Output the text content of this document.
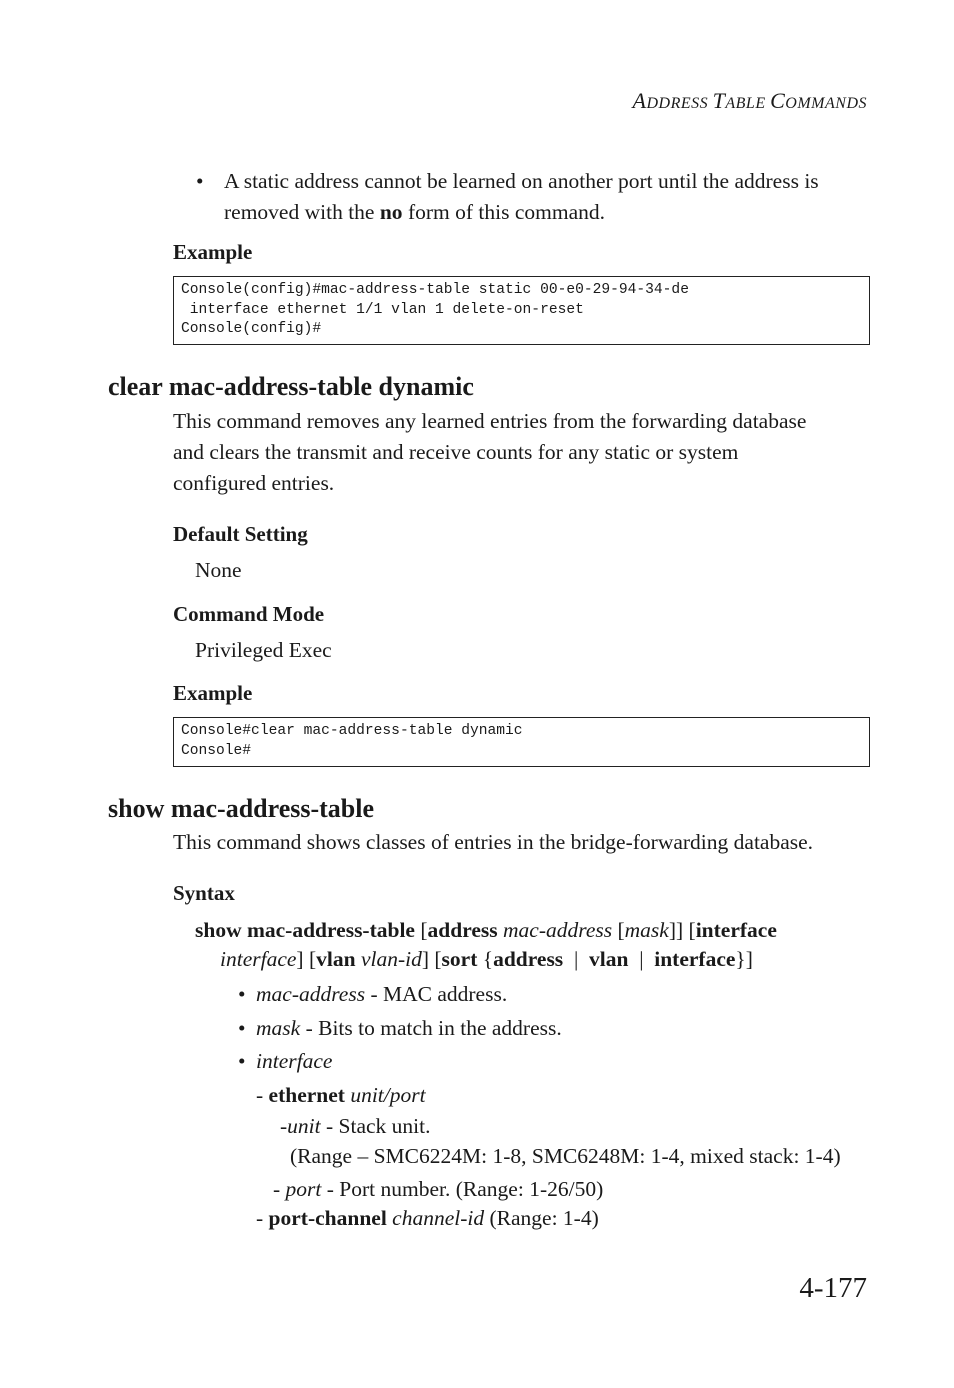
ADDRESS TABLE COMMANDS
• A static address cannot be learned on another port until the address is
removed with the no form of this command.
Example
Console(config)#mac-address-table static 00-e0-29-94-34-de
interface ethernet 1/1 vlan 1 delete-on-reset
Console(config)#
clear mac-address-table dynamic
This command removes any learned entries from the forwarding database
and clears the transmit and receive counts for any static or system
configured entries.
Default Setting
None
Command Mode
Privileged Exec
Example
Console#clear mac-address-table dynamic
Console#
show mac-address-table
This command shows classes of entries in the bridge-forwarding database.
Syntax
show mac-address-table [address mac-address [mask]] [interface
interface] [vlan vlan-id] [sort {address | vlan | interface}]
• mac-address - MAC address.
• mask - Bits to match in the address.
• interface
- ethernet unit/port
-unit - Stack unit.
(Range – SMC6224M: 1-8, SMC6248M: 1-4, mixed stack: 1-4)
- port - Port number. (Range: 1-26/50)
- port-channel channel-id (Range: 1-4)
4-177
